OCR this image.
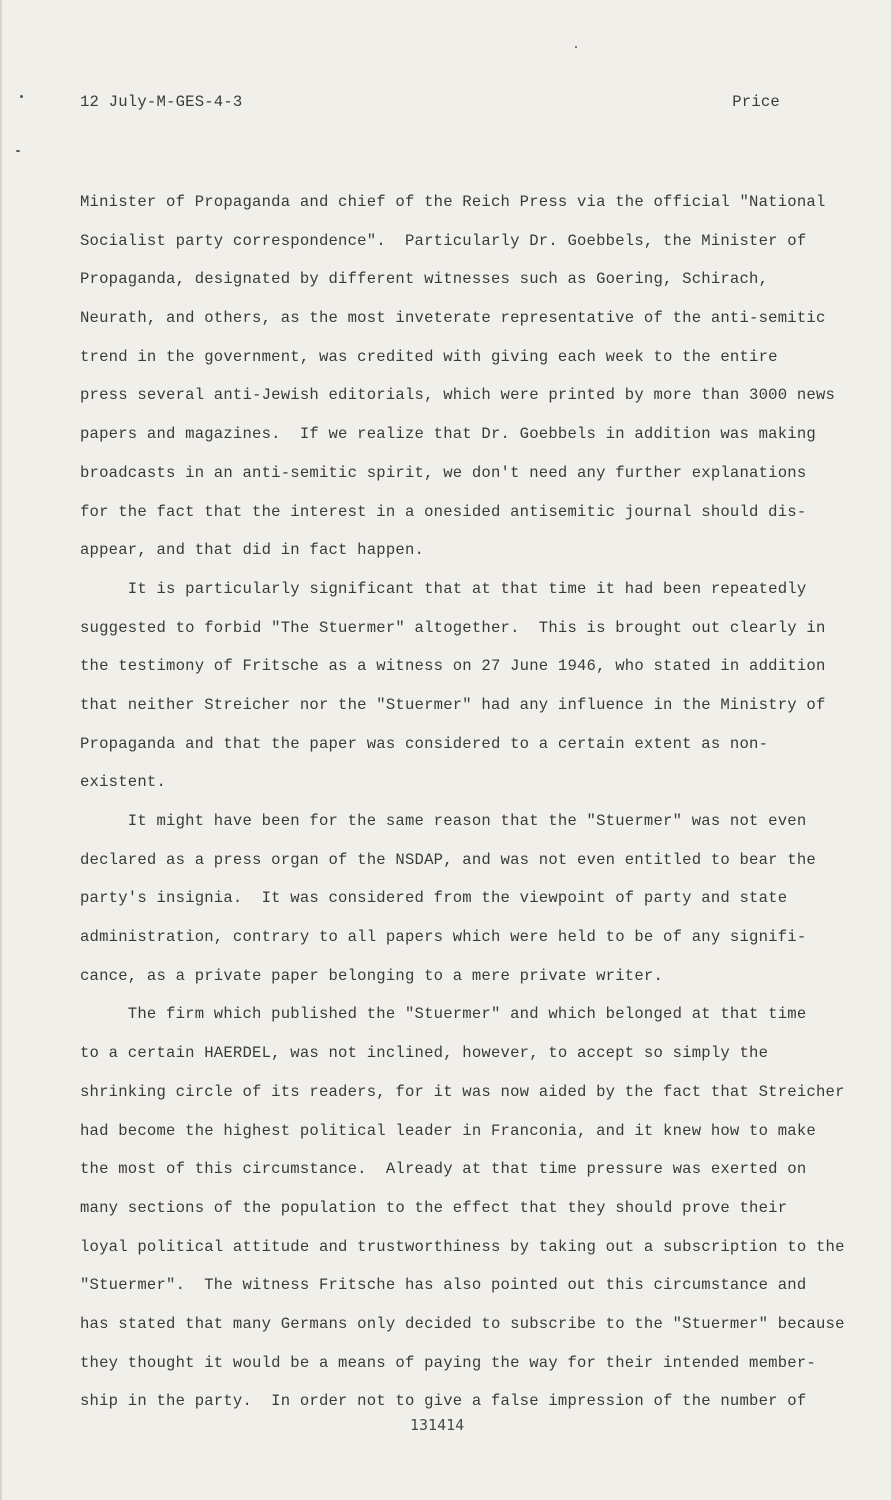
12 July-M-GES-4-3	Price
Minister of Propaganda and chief of the Reich Press via the official "National
Socialist party correspondence".  Particularly Dr. Goebbels, the Minister of
Propaganda, designated by different witnesses such as Goering, Schirach,
Neurath, and others, as the most inveterate representative of the anti-semitic
trend in the government, was credited with giving each week to the entire
press several anti-Jewish editorials, which were printed by more than 3000 news
papers and magazines.  If we realize that Dr. Goebbels in addition was making
broadcasts in an anti-semitic spirit, we don't need any further explanations
for the fact that the interest in a onesided antisemitic journal should dis-
appear, and that did in fact happen.
It is particularly significant that at that time it had been repeatedly
suggested to forbid "The Stuermer" altogether.  This is brought out clearly in
the testimony of Fritsche as a witness on 27 June 1946, who stated in addition
that neither Streicher nor the "Stuermer" had any influence in the Ministry of
Propaganda and that the paper was considered to a certain extent as non-
existent.
It might have been for the same reason that the "Stuermer" was not even
declared as a press organ of the NSDAP, and was not even entitled to bear the
party's insignia.  It was considered from the viewpoint of party and state
administration, contrary to all papers which were held to be of any signifi-
cance, as a private paper belonging to a mere private writer.
The firm which published the "Stuermer" and which belonged at that time
to a certain HAERDEL, was not inclined, however, to accept so simply the
shrinking circle of its readers, for it was now aided by the fact that Streicher
had become the highest political leader in Franconia, and it knew how to make
the most of this circumstance.  Already at that time pressure was exerted on
many sections of the population to the effect that they should prove their
loyal political attitude and trustworthiness by taking out a subscription to the
"Stuermer".  The witness Fritsche has also pointed out this circumstance and
has stated that many Germans only decided to subscribe to the "Stuermer" because
they thought it would be a means of paying the way for their intended member-
ship in the party.  In order not to give a false impression of the number of
131414
